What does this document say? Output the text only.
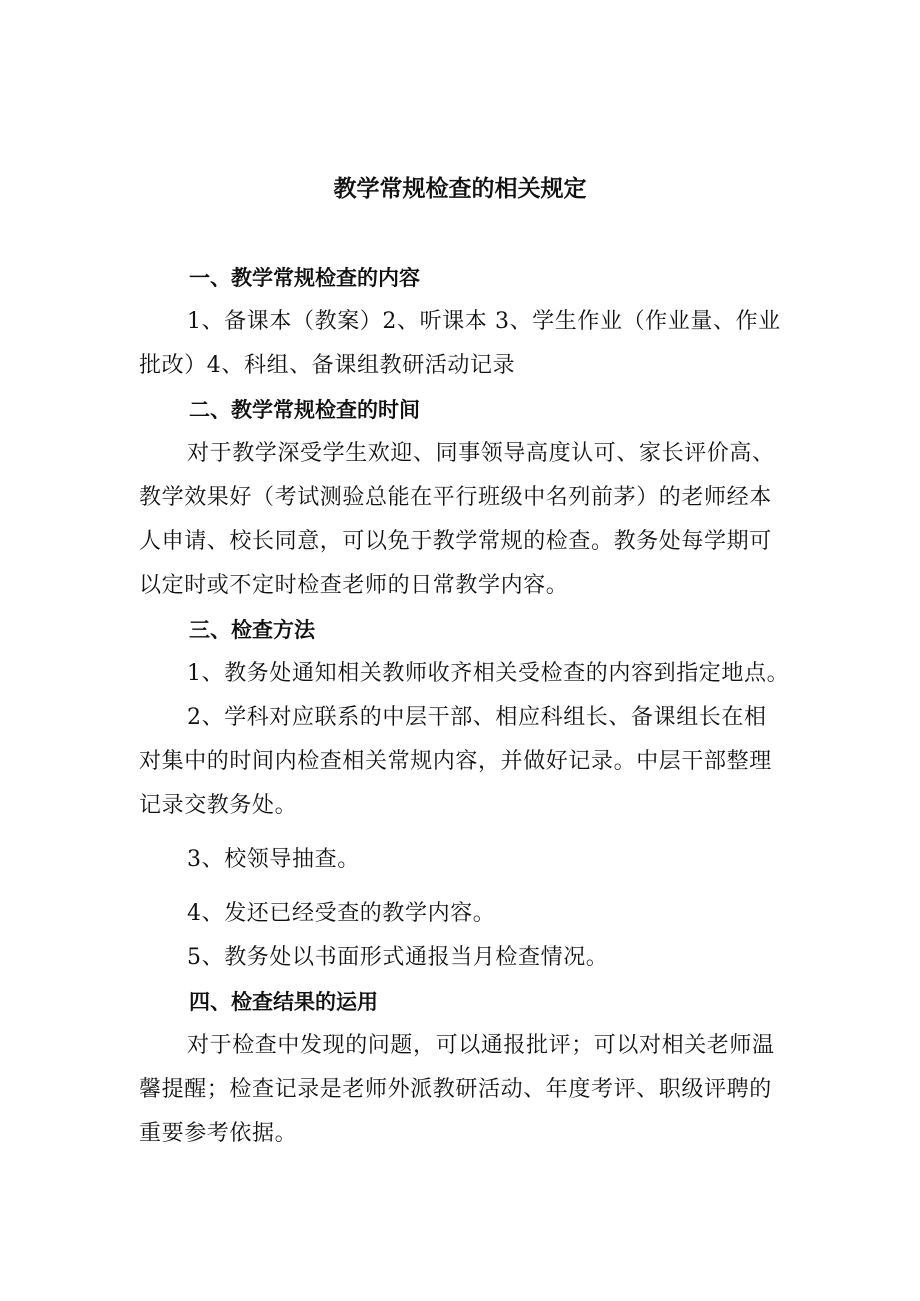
教学常规检查的相关规定

一、教学常规检查的内容

1、备课本（教案）2、听课本 3、学生作业（作业量、作业
批改）4、科组、备课组教研活动记录

二、教学常规检查的时间

对于教学深受学生欢迎、同事领导高度认可、家长评价高、
教学效果好（考试测验总能在平行班级中名列前茅）的老师经本
人申请、校长同意，可以免于教学常规的检查。教务处每学期可
以定时或不定时检查老师的日常教学内容。

三、检查方法

1、教务处通知相关教师收齐相关受检查的内容到指定地点。

2、学科对应联系的中层干部、相应科组长、备课组长在相
对集中的时间内检查相关常规内容，并做好记录。中层干部整理
记录交教务处。

3、校领导抽查。

4、发还已经受查的教学内容。

5、教务处以书面形式通报当月检查情况。

四、检查结果的运用

对于检查中发现的问题，可以通报批评；可以对相关老师温
馨提醒；检查记录是老师外派教研活动、年度考评、职级评聘的
重要参考依据。
